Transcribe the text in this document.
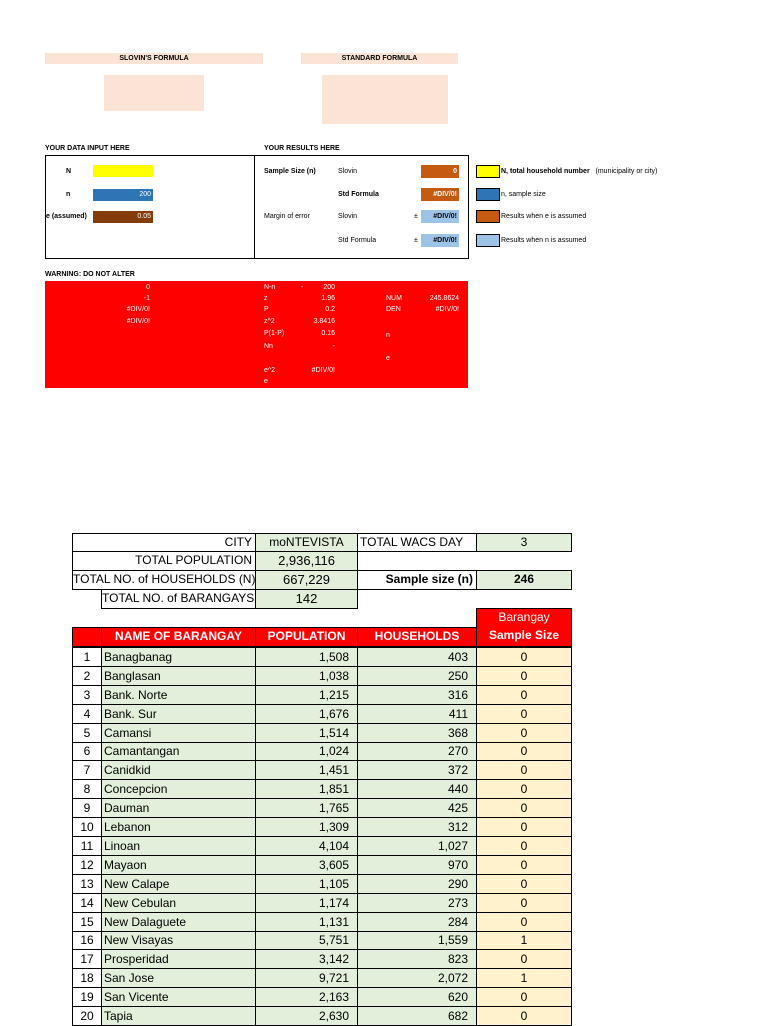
SLOVIN'S FORMULA	STANDARD FORMULA
YOUR DATA INPUT HERE	YOUR RESULTS HERE
N
n	200
e (assumed)	0.05
Sample Size (n)	Slovin	0
Std Formula	#DIV/0!
Margin of error	Slovin	±	#DIV/0!
Std Formula	±	#DIV/0!
N, total household number (municipality or city)
n, sample size
Results when e is assumed
Results when n is assumed
WARNING: DO NOT ALTER
0
-1
#DIV/0!
#DIV/0!
N-n	-	200
z	1.96
P	0.2
z^2	3.8416
P(1-P)	0.16
Nn	-
e^2	#DIV/0!
e
NUM	245.8624
DEN	#DIV/0!
n
e
CITY	moNTEVISTA	TOTAL WACS DAY	3
TOTAL POPULATION	2,936,116
TOTAL NO. of HOUSEHOLDS (N)	667,229	Sample size (n)	246
TOTAL NO. of BARANGAYS	142
Barangay
NAME OF BARANGAY	POPULATION	HOUSEHOLDS	Sample Size
1	Banagbanag	1,508	403	0
2	Banglasan	1,038	250	0
3	Bank. Norte	1,215	316	0
4	Bank. Sur	1,676	411	0
5	Camansi	1,514	368	0
6	Camantangan	1,024	270	0
7	Canidkid	1,451	372	0
8	Concepcion	1,851	440	0
9	Dauman	1,765	425	0
10 Lebanon	1,309	312	0
11 Linoan	4,104	1,027	0
12 Mayaon	3,605	970	0
13 New Calape	1,105	290	0
14 New Cebulan	1,174	273	0
15 New Dalaguete	1,131	284	0
16 New Visayas	5,751	1,559	1
17 Prosperidad	3,142	823	0
18 San Jose	9,721	2,072	1
19 San Vicente	2,163	620	0
20 Tapia	2,630	682	0
